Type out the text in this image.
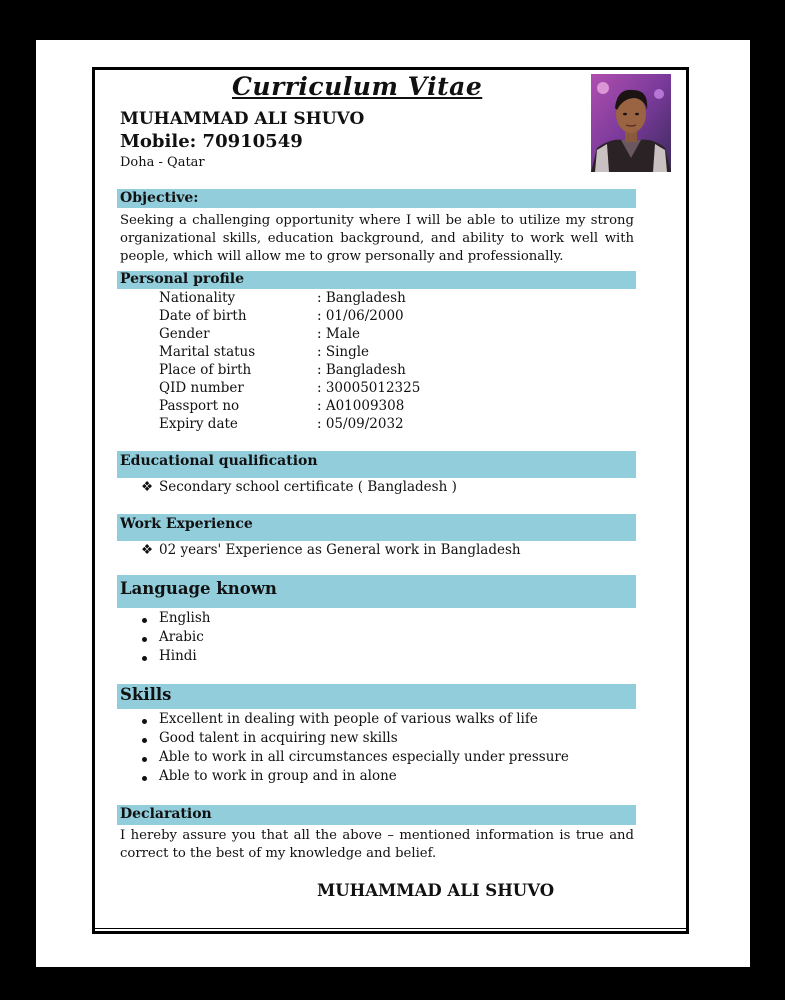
Curriculum Vitae
MUHAMMAD ALI SHUVO
Mobile: 70910549
Doha - Qatar
Objective:
Seeking a challenging opportunity where I will be able to utilize my strong organizational skills, education background, and ability to work well with people, which will allow me to grow personally and professionally.
Personal profile
Nationality	: Bangladesh
Date of birth	: 01/06/2000
Gender	: Male
Marital status	: Single
Place of birth	: Bangladesh
QID number	: 30005012325
Passport no	: A01009308
Expiry date	: 05/09/2032
Educational qualification
❖ Secondary school certificate ( Bangladesh )
Work Experience
❖ 02 years' Experience as General work in Bangladesh
Language known
English
Arabic
Hindi
Skills
Excellent in dealing with people of various walks of life
Good talent in acquiring new skills
Able to work in all circumstances especially under pressure
Able to work in group and in alone
Declaration
I hereby assure you that all the above – mentioned information is true and correct to the best of my knowledge and belief.
MUHAMMAD ALI SHUVO
